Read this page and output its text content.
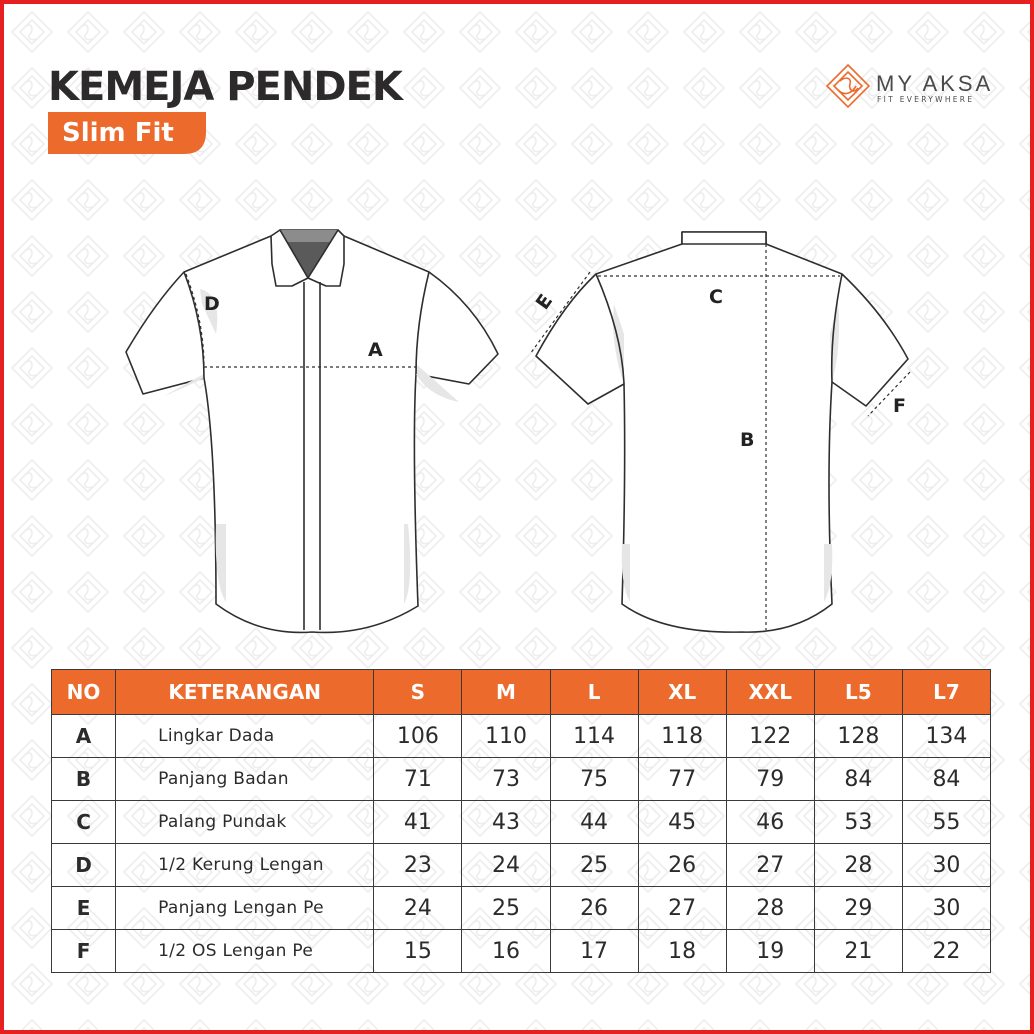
KEMEJA PENDEK
Slim Fit
MY AKSA
FIT EVERYWHERE
A
D	C
B
E
F
NO	KETERANGAN	S	M	L	XL	XXL	L5	L7
A	Lingkar Dada	106	110	114	118	122	128	134
B	Panjang Badan	71	73	75	77	79	84	84
C	Palang Pundak	41	43	44	45	46	53	55
D	1/2 Kerung Lengan	23	24	25	26	27	28	30
E	Panjang Lengan Pe	24	25	26	27	28	29	30
F	1/2 OS Lengan Pe	15	16	17	18	19	21	22
